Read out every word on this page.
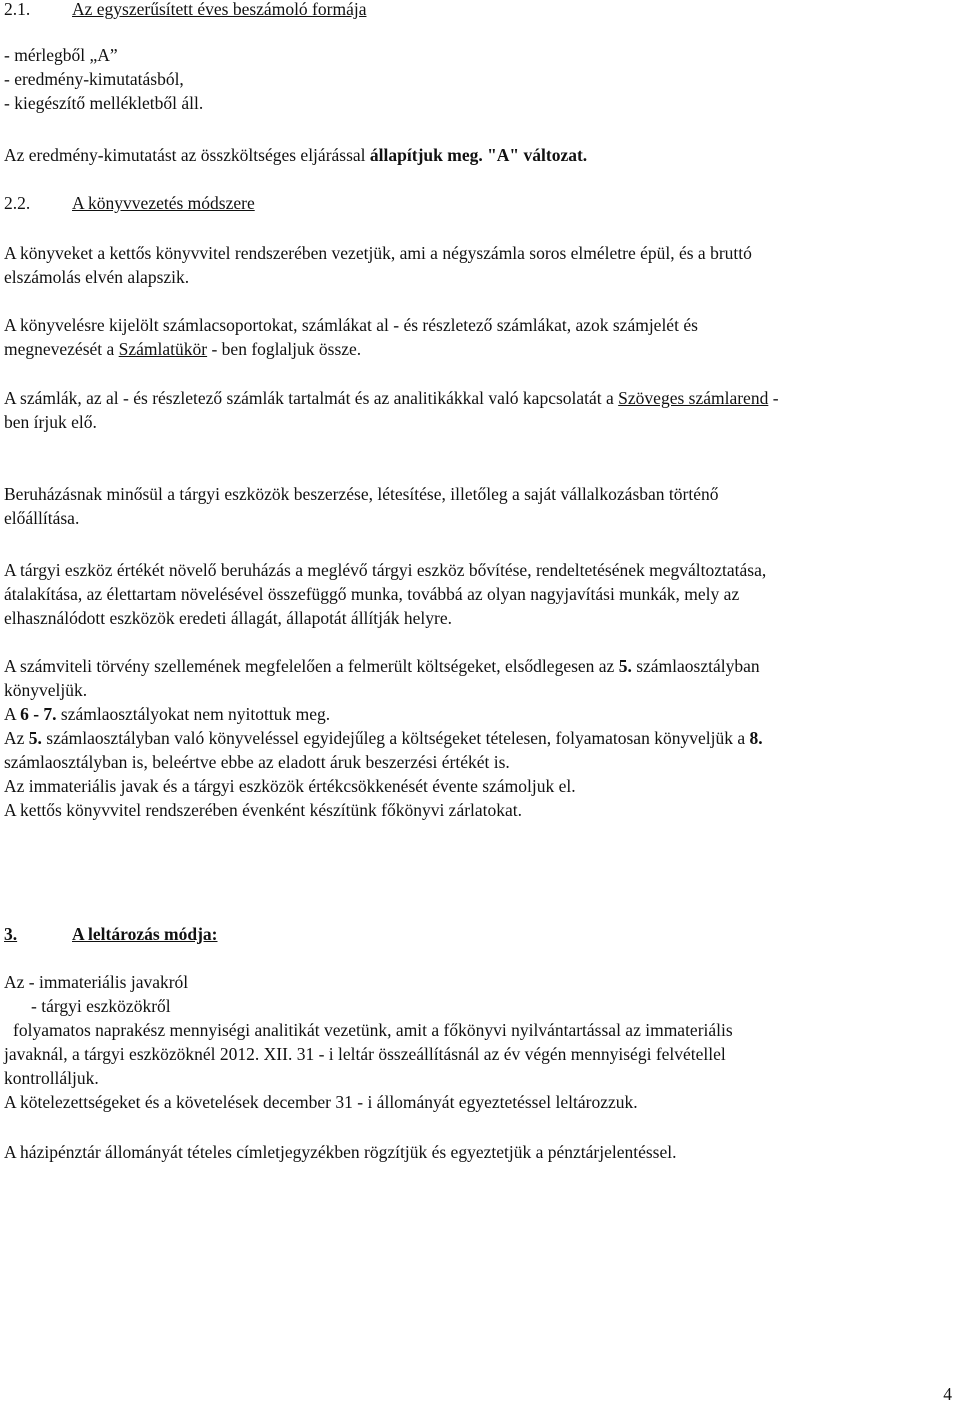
2.1. Az egyszerűsített éves beszámoló formája
- mérlegből „A”
- eredmény-kimutatásból,
- kiegészítő mellékletből áll.
Az eredmény-kimutatást az összköltséges eljárással állapítjuk meg. "A" változat.
2.2. A könyvvezetés módszere
A könyveket a kettős könyvvitel rendszerében vezetjük, ami a négyszámla soros elméletre épül, és a bruttó
elszámolás elvén alapszik.
A könyvelésre kijelölt számlacsoportokat, számlákat al - és részletező számlákat, azok számjelét és
megnevezését a Számlatükör - ben foglaljuk össze.
A számlák, az al - és részletező számlák tartalmát és az analitikákkal való kapcsolatát a Szöveges számlarend -
ben írjuk elő.
Beruházásnak minősül a tárgyi eszközök beszerzése, létesítése, illetőleg a saját vállalkozásban történő
előállítása.
A tárgyi eszköz értékét növelő beruházás a meglévő tárgyi eszköz bővítése, rendeltetésének megváltoztatása,
átalakítása, az élettartam növelésével összefüggő munka, továbbá az olyan nagyjavítási munkák, mely az
elhasználódott eszközök eredeti állagát, állapotát állítják helyre.
A számviteli törvény szellemének megfelelően a felmerült költségeket, elsődlegesen az 5. számlaosztályban
könyveljük.
A 6 - 7. számlaosztályokat nem nyitottuk meg.
Az 5. számlaosztályban való könyveléssel egyidejűleg a költségeket tételesen, folyamatosan könyveljük a 8.
számlaosztályban is, beleértve ebbe az eladott áruk beszerzési értékét is.
Az immateriális javak és a tárgyi eszközök értékcsökkenését évente számoljuk el.
A kettős könyvvitel rendszerében évenként készítünk főkönyvi zárlatokat.
3.	A leltározás módja:
Az - immateriális javakról
- tárgyi eszközökről
folyamatos naprakész mennyiségi analitikát vezetünk, amit a főkönyvi nyilvántartással az immateriális
javaknál, a tárgyi eszközöknél 2012. XII. 31 - i leltár összeállításnál az év végén mennyiségi felvétellel
kontrolláljuk.
A kötelezettségeket és a követelések december 31 - i állományát egyeztetéssel leltározzuk.
A házipénztár állományát tételes címletjegyzékben rögzítjük és egyeztetjük a pénztárjelentéssel.
4
